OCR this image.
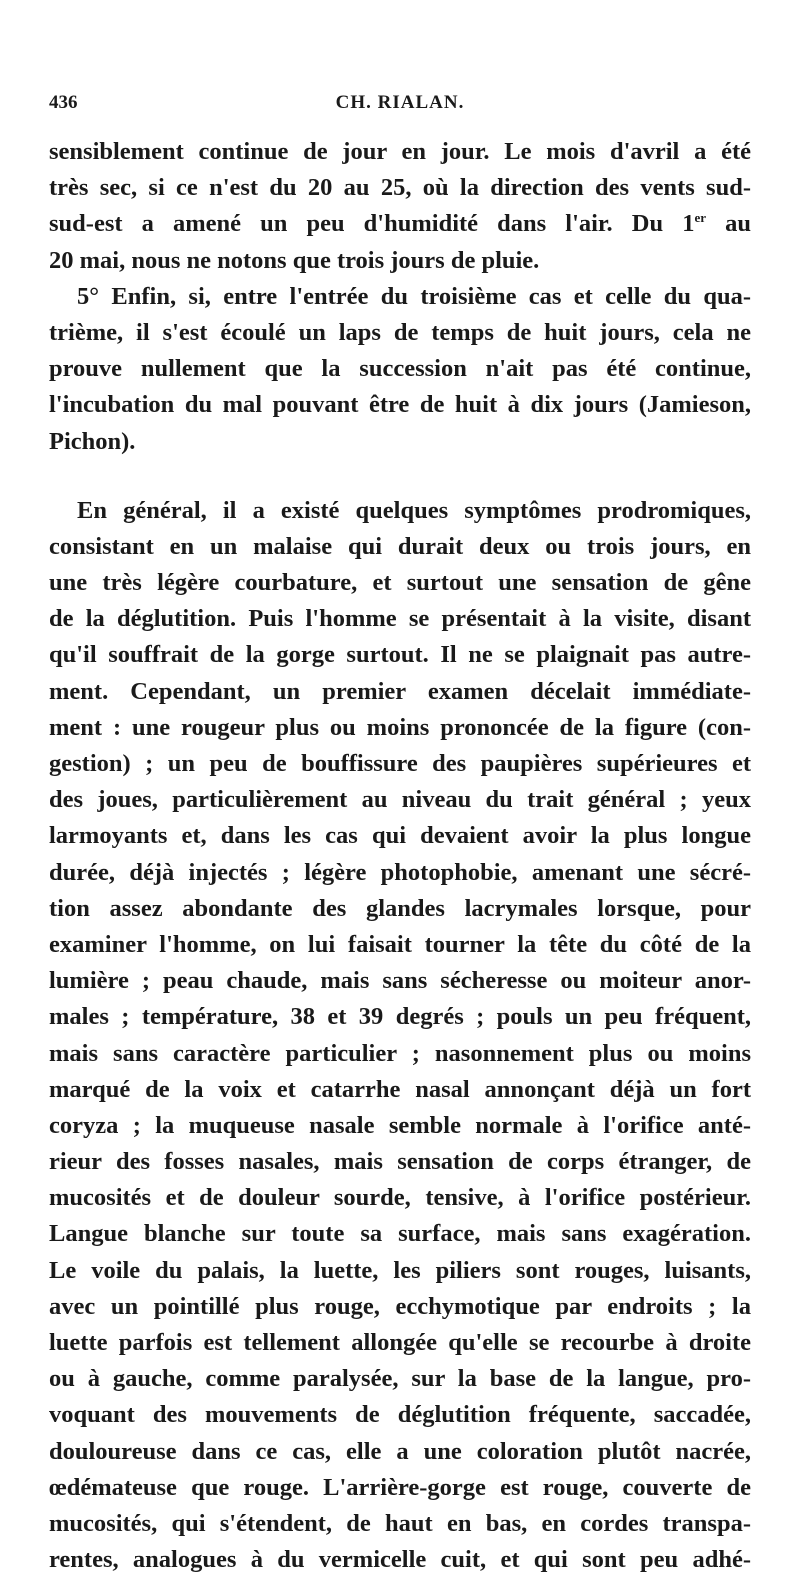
436	CH. RIALAN.
sensiblement continue de jour en jour. Le mois d'avril a été
très sec, si ce n'est du 20 au 25, où la direction des vents sud-
sud-est a amené un peu d'humidité dans l'air. Du 1er au
20 mai, nous ne notons que trois jours de pluie.
5° Enfin, si, entre l'entrée du troisième cas et celle du qua-
trième, il s'est écoulé un laps de temps de huit jours, cela ne
prouve nullement que la succession n'ait pas été continue,
l'incubation du mal pouvant être de huit à dix jours (Jamieson,
Pichon).
En général, il a existé quelques symptômes prodromiques,
consistant en un malaise qui durait deux ou trois jours, en
une très légère courbature, et surtout une sensation de gêne
de la déglutition. Puis l'homme se présentait à la visite, disant
qu'il souffrait de la gorge surtout. Il ne se plaignait pas autre-
ment. Cependant, un premier examen décelait immédiate-
ment : une rougeur plus ou moins prononcée de la figure (con-
gestion) ; un peu de bouffissure des paupières supérieures et
des joues, particulièrement au niveau du trait général ; yeux
larmoyants et, dans les cas qui devaient avoir la plus longue
durée, déjà injectés ; légère photophobie, amenant une sécré-
tion assez abondante des glandes lacrymales lorsque, pour
examiner l'homme, on lui faisait tourner la tête du côté de la
lumière ; peau chaude, mais sans sécheresse ou moiteur anor-
males ; température, 38 et 39 degrés ; pouls un peu fréquent,
mais sans caractère particulier ; nasonnement plus ou moins
marqué de la voix et catarrhe nasal annonçant déjà un fort
coryza ; la muqueuse nasale semble normale à l'orifice anté-
rieur des fosses nasales, mais sensation de corps étranger, de
mucosités et de douleur sourde, tensive, à l'orifice postérieur.
Langue blanche sur toute sa surface, mais sans exagération.
Le voile du palais, la luette, les piliers sont rouges, luisants,
avec un pointillé plus rouge, ecchymotique par endroits ; la
luette parfois est tellement allongée qu'elle se recourbe à droite
ou à gauche, comme paralysée, sur la base de la langue, pro-
voquant des mouvements de déglutition fréquente, saccadée,
douloureuse dans ce cas, elle a une coloration plutôt nacrée,
œdémateuse que rouge. L'arrière-gorge est rouge, couverte de
mucosités, qui s'étendent, de haut en bas, en cordes transpa-
rentes, analogues à du vermicelle cuit, et qui sont peu adhé-
